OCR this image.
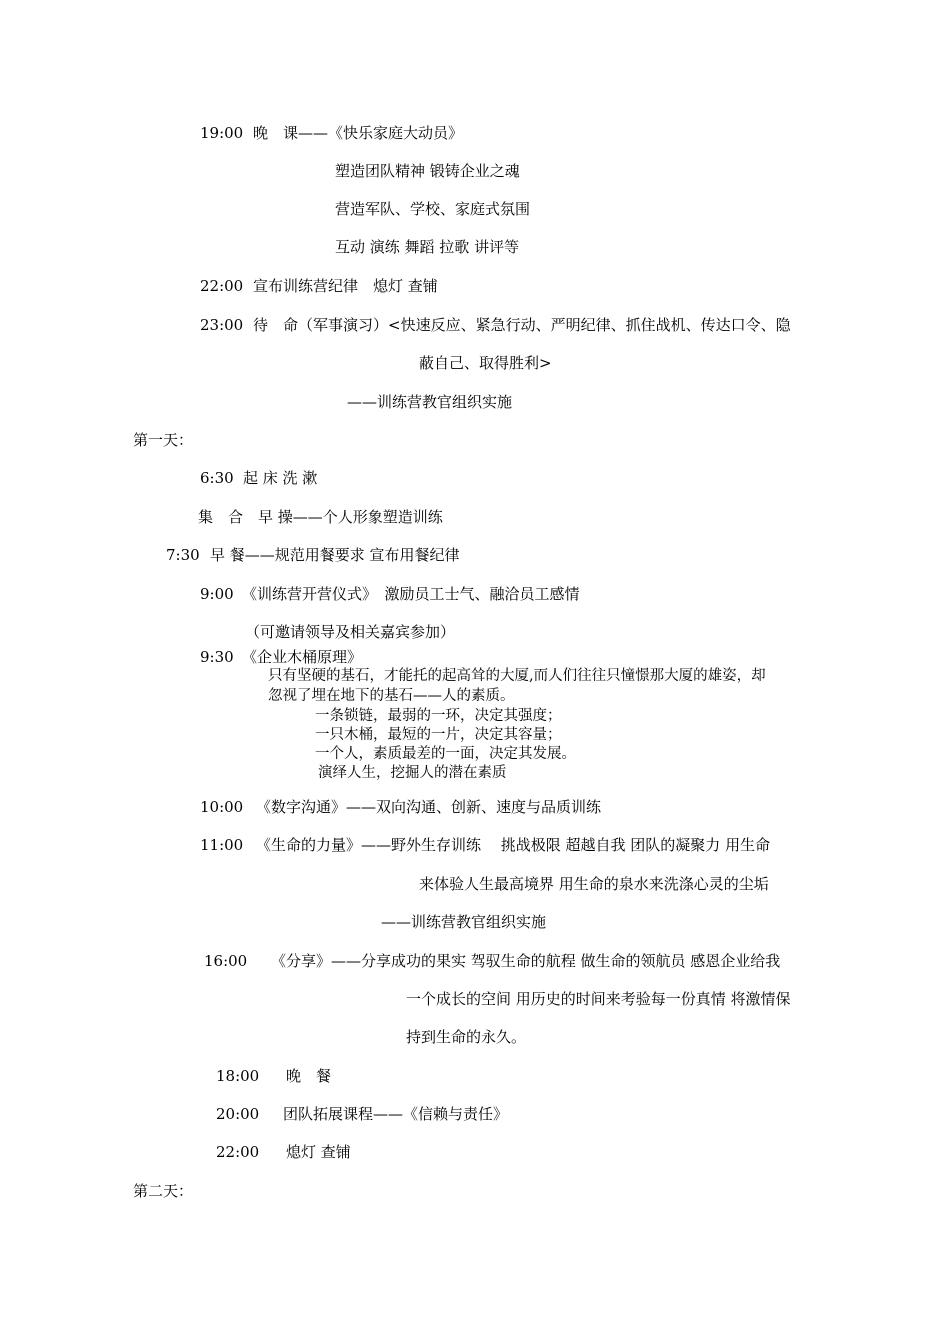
19:00 晚　课——《快乐家庭大动员》
塑造团队精神 锻铸企业之魂
营造军队、学校、家庭式氛围
互动 演练 舞蹈 拉歌 讲评等
22:00 宣布训练营纪律　熄灯 查铺
23:00 待　命（军事演习）<快速反应、紧急行动、严明纪律、抓住战机、传达口令、隐
蔽自己、取得胜利>
——训练营教官组织实施
第一天：
6:30 起 床 洗 漱
集　合　早 操——个人形象塑造训练
7:30 早 餐——规范用餐要求 宣布用餐纪律
9:00 《训练营开营仪式》　激励员工士气、融洽员工感情
（可邀请领导及相关嘉宾参加）
9:30 《企业木桶原理》
只有坚硬的基石，才能托的起高耸的大厦,而人们往往只憧憬那大厦的雄姿，却
忽视了埋在地下的基石——人的素质。
一条锁链，最弱的一环，决定其强度；
一只木桶，最短的一片，决定其容量；
一个人，素质最差的一面，决定其发展。
演绎人生，挖掘人的潜在素质
10:00 《数字沟通》——双向沟通、创新、速度与品质训练
11:00 《生命的力量》——野外生存训练　 挑战极限 超越自我 团队的凝聚力 用生命
来体验人生最高境界 用生命的泉水来洗涤心灵的尘垢
——训练营教官组织实施
16:00 《分享》——分享成功的果实 驾驭生命的航程 做生命的领航员 感恩企业给我
一个成长的空间 用历史的时间来考验每一份真情 将激情保
持到生命的永久。
18:00 晚　餐
20:00 团队拓展课程——《信赖与责任》
22:00 熄灯 查铺
第二天：
